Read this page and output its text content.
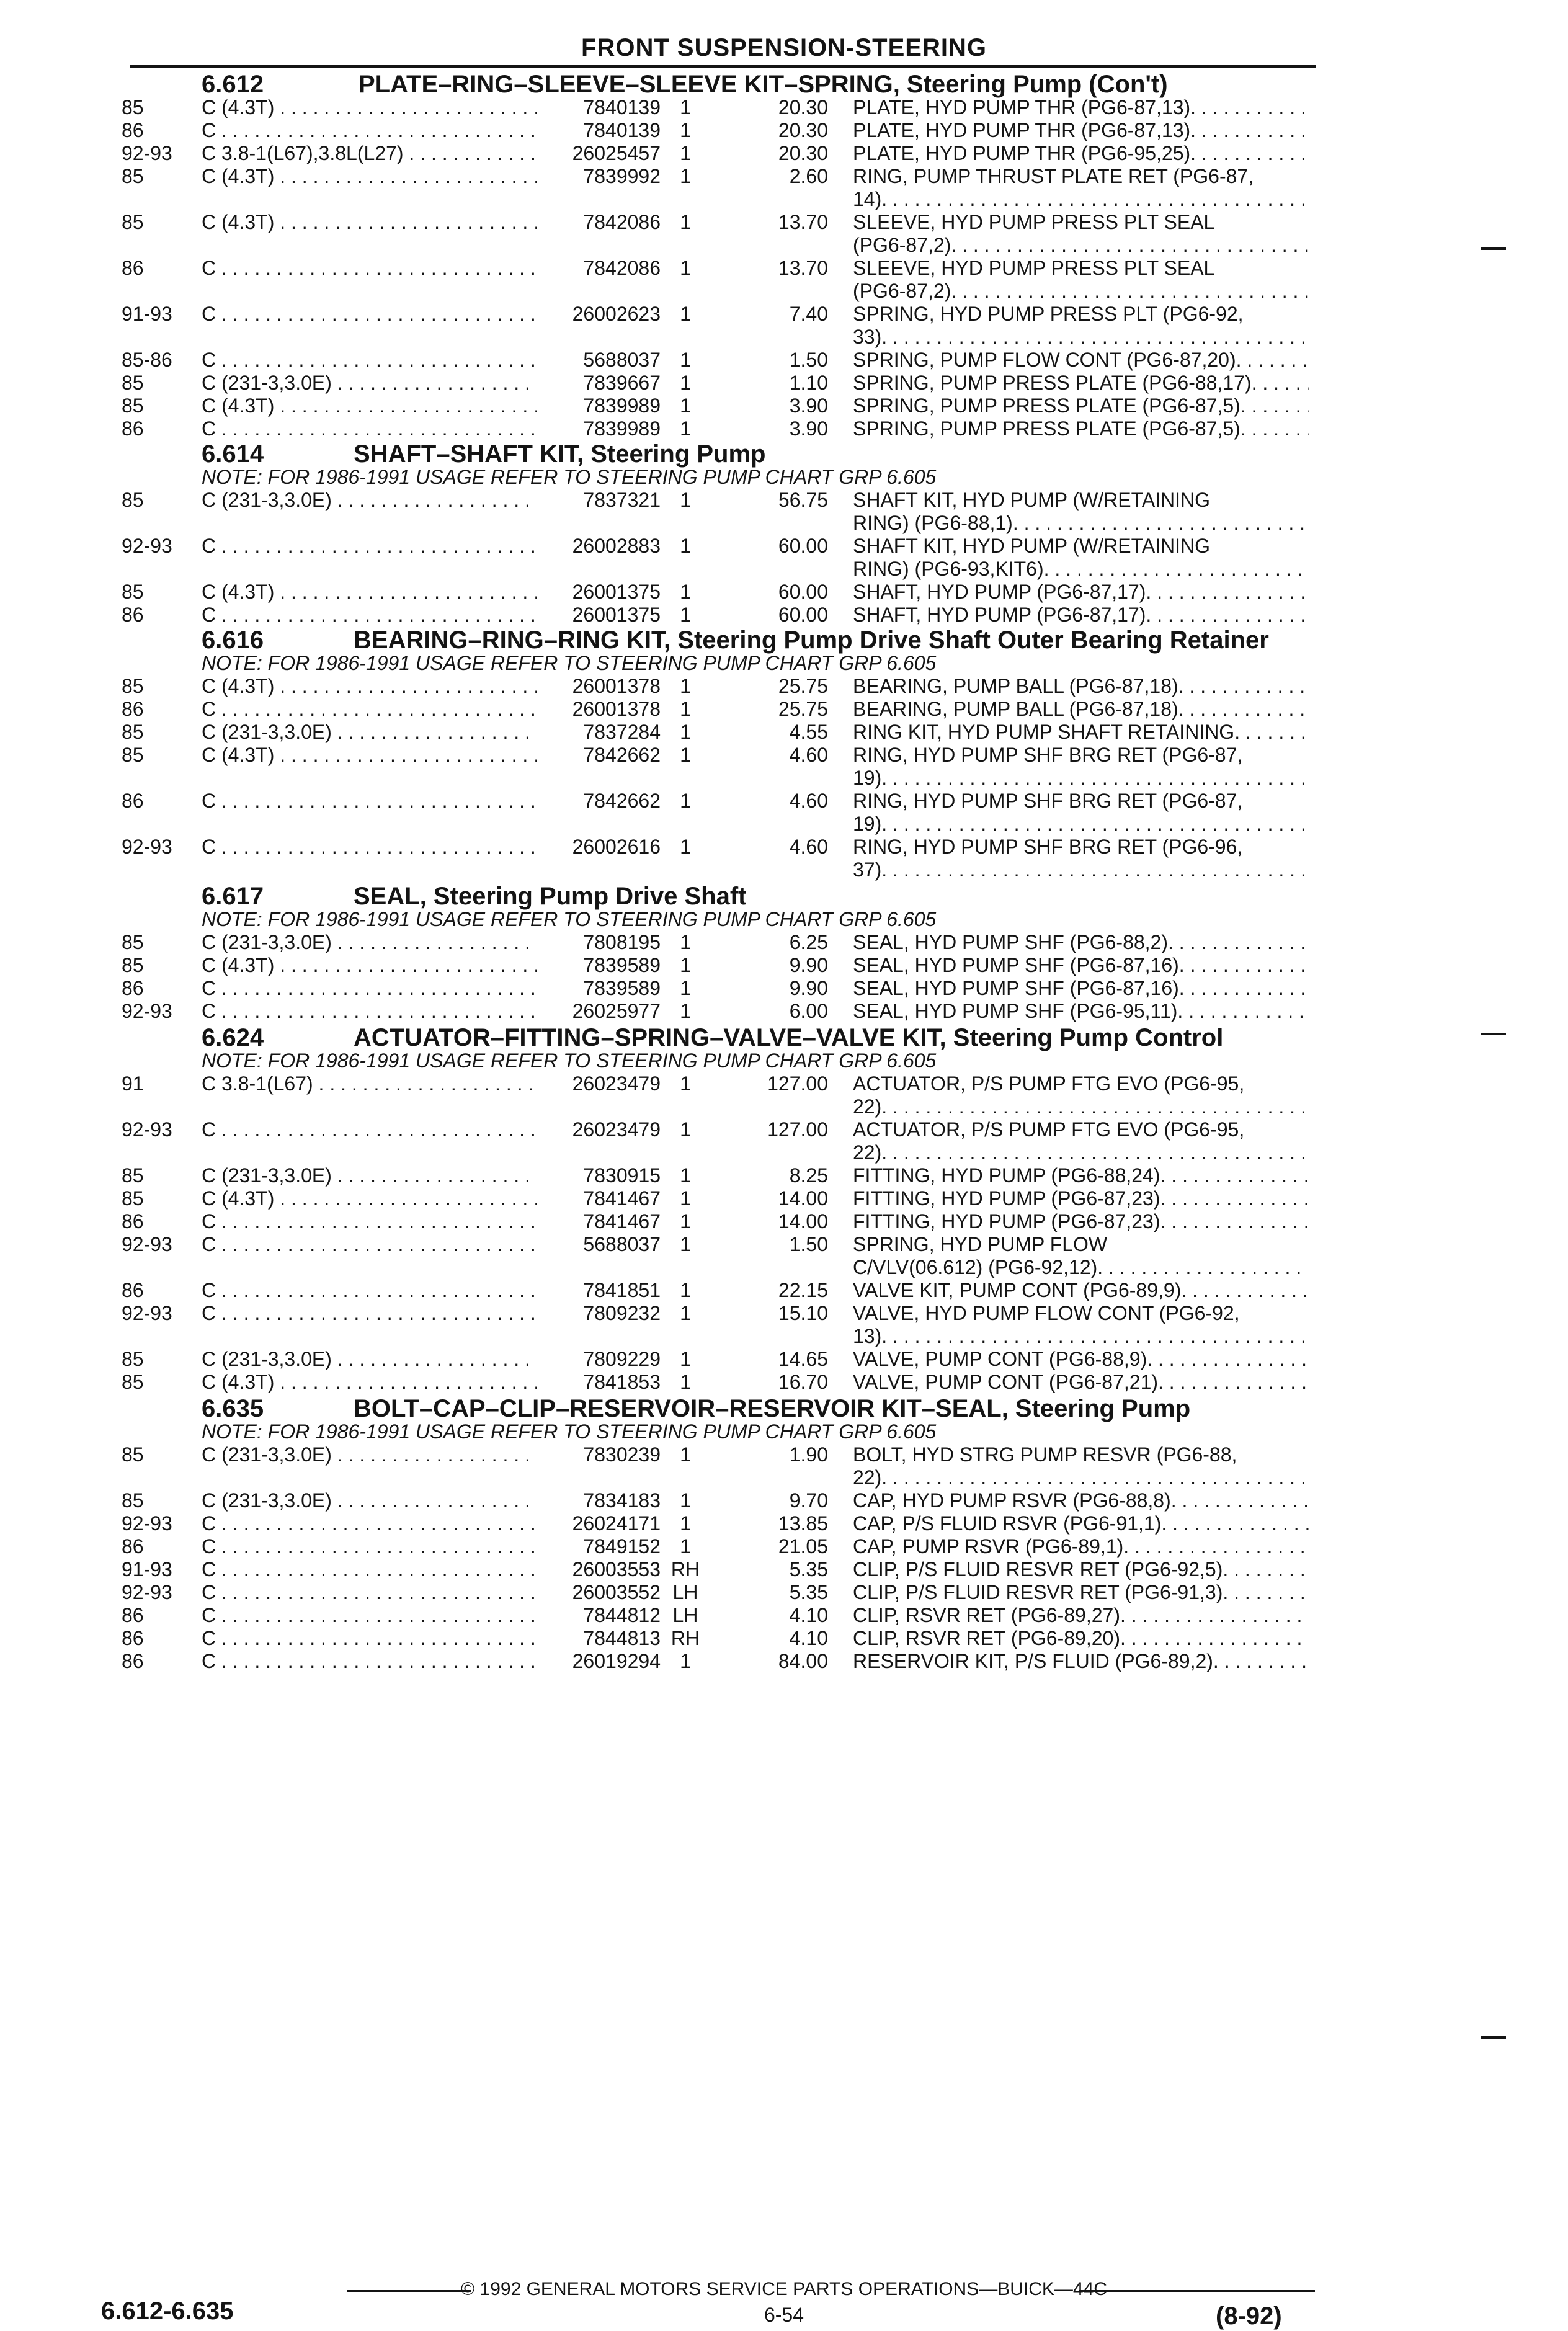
FRONT SUSPENSION-STEERING
6.612	PLATE–RING–SLEEVE–SLEEVE KIT–SPRING, Steering Pump (Con't)
85	C (4.3T) . . .	7840139 1	20.30 PLATE, HYD PUMP THR (PG6-87,13) . . .
86	C . . .	7840139 1	20.30 PLATE, HYD PUMP THR (PG6-87,13) . . .
92-93	C 3.8-1(L67),3.8L(L27) . . .	26025457 1	20.30 PLATE, HYD PUMP THR (PG6-95,25) . . .
85	C (4.3T) . . .	7839992 1	2.60 RING, PUMP THRUST PLATE RET (PG6-87,
14) . . .
85	C (4.3T) . . .	7842086 1	13.70 SLEEVE, HYD PUMP PRESS PLT SEAL
(PG6-87,2) . . .
86	C . . .	7842086 1	13.70 SLEEVE, HYD PUMP PRESS PLT SEAL
(PG6-87,2) . . .
91-93	C . . .	26002623 1	7.40 SPRING, HYD PUMP PRESS PLT (PG6-92,
33) . . .
85-86	C . . .	5688037 1	1.50 SPRING, PUMP FLOW CONT (PG6-87,20) . . .
85	C (231-3,3.0E) . . .	7839667 1	1.10 SPRING, PUMP PRESS PLATE (PG6-88,17) . . .
85	C (4.3T) . . .	7839989 1	3.90 SPRING, PUMP PRESS PLATE (PG6-87,5) . . .
86	C . . .	7839989 1	3.90 SPRING, PUMP PRESS PLATE (PG6-87,5) . . .
6.614	SHAFT–SHAFT KIT, Steering Pump
NOTE: FOR 1986-1991 USAGE REFER TO STEERING PUMP CHART GRP 6.605
85	C (231-3,3.0E) . . .	7837321 1	56.75 SHAFT KIT, HYD PUMP (W/RETAINING
RING) (PG6-88,1) . . .
92-93	C . . .	26002883 1	60.00 SHAFT KIT, HYD PUMP (W/RETAINING
RING) (PG6-93,KIT6) . . .
85	C (4.3T) . . .	26001375 1	60.00 SHAFT, HYD PUMP (PG6-87,17) . . .
86	C . . .	26001375 1	60.00 SHAFT, HYD PUMP (PG6-87,17) . . .
6.616	BEARING–RING–RING KIT, Steering Pump Drive Shaft Outer Bearing Retainer
NOTE: FOR 1986-1991 USAGE REFER TO STEERING PUMP CHART GRP 6.605
85	C (4.3T) . . .	26001378 1	25.75 BEARING, PUMP BALL (PG6-87,18) . . .
86	C . . .	26001378 1	25.75 BEARING, PUMP BALL (PG6-87,18) . . .
85	C (231-3,3.0E) . . .	7837284 1	4.55 RING KIT, HYD PUMP SHAFT RETAINING . . .
85	C (4.3T) . . .	7842662 1	4.60 RING, HYD PUMP SHF BRG RET (PG6-87,
19) . . .
86	C . . .	7842662 1	4.60 RING, HYD PUMP SHF BRG RET (PG6-87,
19) . . .
92-93	C . . .	26002616 1	4.60 RING, HYD PUMP SHF BRG RET (PG6-96,
37) . . .
6.617	SEAL, Steering Pump Drive Shaft
NOTE: FOR 1986-1991 USAGE REFER TO STEERING PUMP CHART GRP 6.605
85	C (231-3,3.0E) . . .	7808195 1	6.25 SEAL, HYD PUMP SHF (PG6-88,2) . . .
85	C (4.3T) . . .	7839589 1	9.90 SEAL, HYD PUMP SHF (PG6-87,16) . . .
86	C . . .	7839589 1	9.90 SEAL, HYD PUMP SHF (PG6-87,16) . . .
92-93	C . . .	26025977 1	6.00 SEAL, HYD PUMP SHF (PG6-95,11) . . .
6.624	ACTUATOR–FITTING–SPRING–VALVE–VALVE KIT, Steering Pump Control
NOTE: FOR 1986-1991 USAGE REFER TO STEERING PUMP CHART GRP 6.605
91	C 3.8-1(L67) . . .	26023479 1	127.00 ACTUATOR, P/S PUMP FTG EVO (PG6-95,
22) . . .
92-93	C . . .	26023479 1	127.00 ACTUATOR, P/S PUMP FTG EVO (PG6-95,
22) . . .
85	C (231-3,3.0E) . . .	7830915 1	8.25 FITTING, HYD PUMP (PG6-88,24) . . .
85	C (4.3T) . . .	7841467 1	14.00 FITTING, HYD PUMP (PG6-87,23) . . .
86	C . . .	7841467 1	14.00 FITTING, HYD PUMP (PG6-87,23) . . .
92-93	C . . .	5688037 1	1.50 SPRING, HYD PUMP FLOW
C/VLV(06.612) (PG6-92,12) . . .
86	C . . .	7841851 1	22.15 VALVE KIT, PUMP CONT (PG6-89,9) . . .
92-93	C . . .	7809232 1	15.10 VALVE, HYD PUMP FLOW CONT (PG6-92,
13) . . .
85	C (231-3,3.0E) . . .	7809229 1	14.65 VALVE, PUMP CONT (PG6-88,9) . . .
85	C (4.3T) . . .	7841853 1	16.70 VALVE, PUMP CONT (PG6-87,21) . . .
6.635	BOLT–CAP–CLIP–RESERVOIR–RESERVOIR KIT–SEAL, Steering Pump
NOTE: FOR 1986-1991 USAGE REFER TO STEERING PUMP CHART GRP 6.605
85	C (231-3,3.0E) . . .	7830239 1	1.90 BOLT, HYD STRG PUMP RESVR (PG6-88,
22) . . .
85	C (231-3,3.0E) . . .	7834183 1	9.70 CAP, HYD PUMP RSVR (PG6-88,8) . . .
92-93	C . . .	26024171 1	13.85 CAP, P/S FLUID RSVR (PG6-91,1) . . .
86	C . . .	7849152 1	21.05 CAP, PUMP RSVR (PG6-89,1) . . .
91-93	C . . .	26003553 RH	5.35 CLIP, P/S FLUID RESVR RET (PG6-92,5) . . .
92-93	C . . .	26003552 LH	5.35 CLIP, P/S FLUID RESVR RET (PG6-91,3) . . .
86	C . . .	7844812 LH	4.10 CLIP, RSVR RET (PG6-89,27) . . .
86	C . . .	7844813 RH	4.10 CLIP, RSVR RET (PG6-89,20) . . .
86	C . . .	26019294 1	84.00 RESERVOIR KIT, P/S FLUID (PG6-89,2) . . .
© 1992 GENERAL MOTORS SERVICE PARTS OPERATIONS—BUICK—44C
6.612-6.635	6-54	(8-92)
